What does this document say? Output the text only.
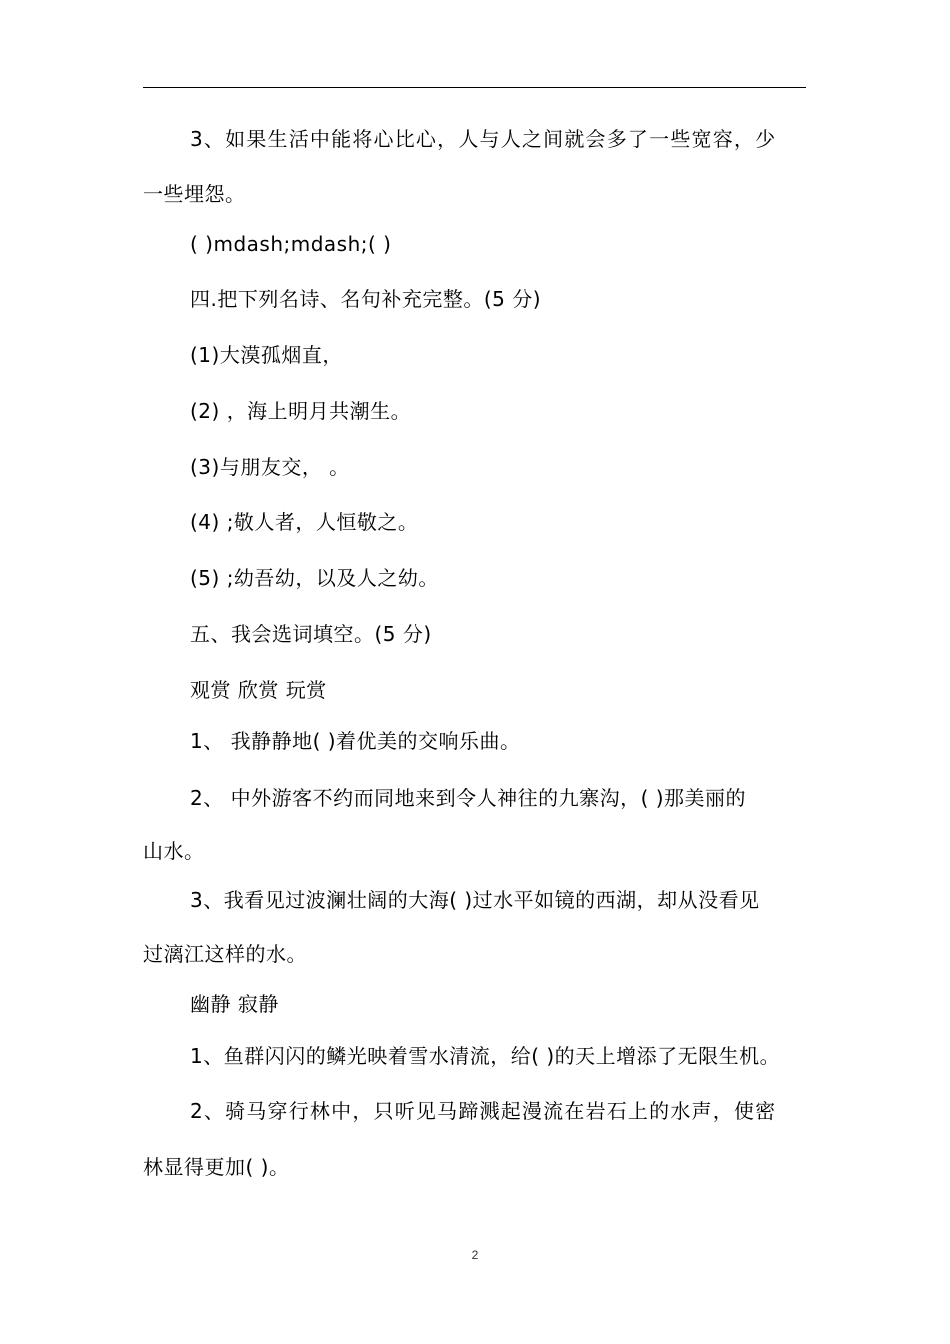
3、如果生活中能将心比心，人与人之间就会多了一些宽容，少
一些埋怨。
( )mdash;mdash;( )
四.把下列名诗、名句补充完整。(5 分)
(1)大漠孤烟直，
(2) ，海上明月共潮生。
(3)与朋友交， 。
(4) ;敬人者，人恒敬之。
(5) ;幼吾幼，以及人之幼。
五、我会选词填空。(5 分)
观赏 欣赏 玩赏
1、 我静静地( )着优美的交响乐曲。
2、 中外游客不约而同地来到令人神往的九寨沟，( )那美丽的
山水。
3、我看见过波澜壮阔的大海( )过水平如镜的西湖，却从没看见
过漓江这样的水。
幽静 寂静
1、鱼群闪闪的鳞光映着雪水清流，给( )的天上增添了无限生机。
2、骑马穿行林中，只听见马蹄溅起漫流在岩石上的水声，使密
林显得更加( )。
2
